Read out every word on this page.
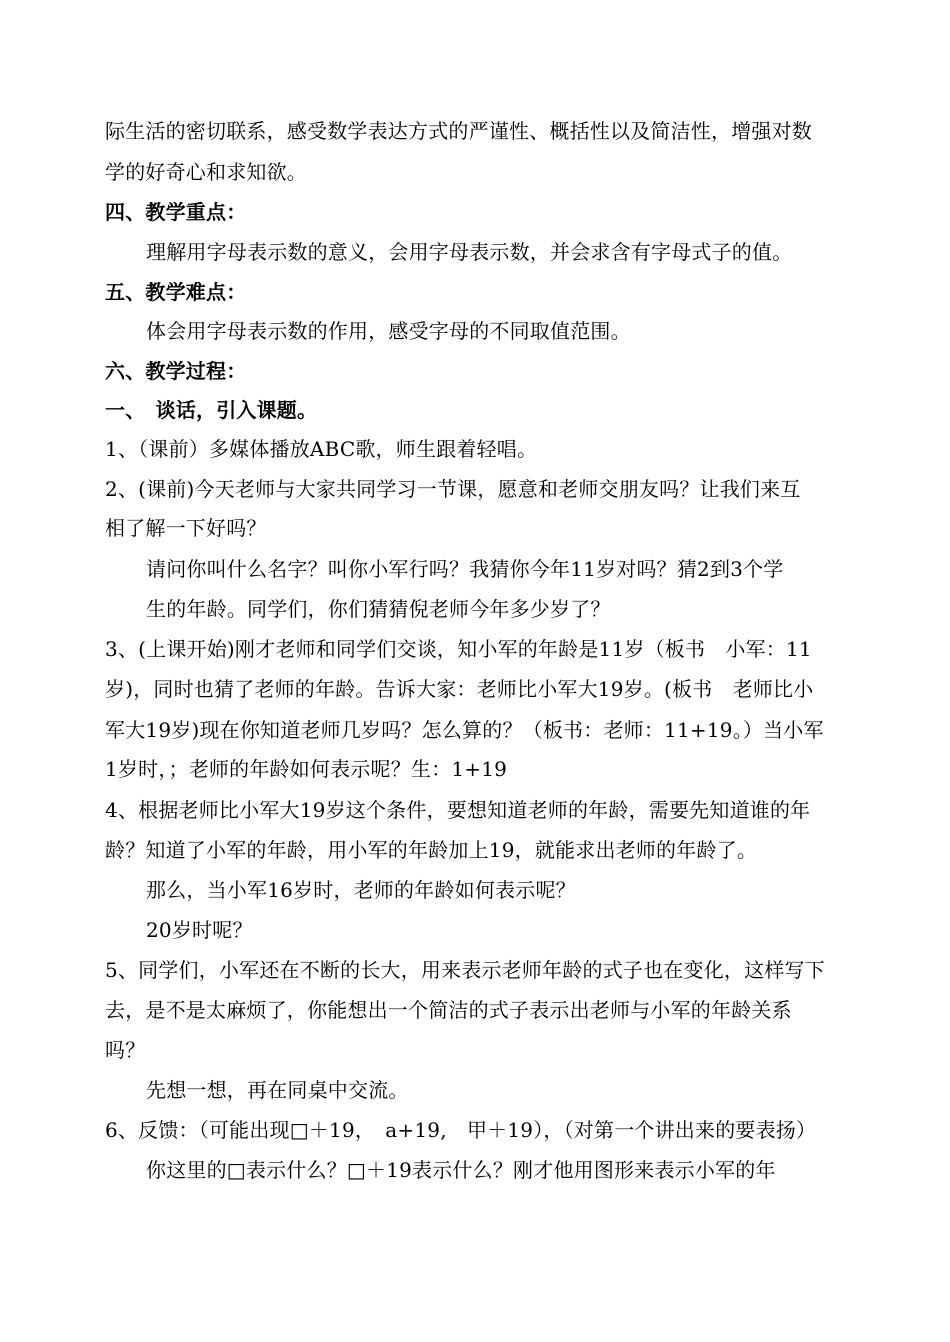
际生活的密切联系，感受数学表达方式的严谨性、概括性以及简洁性，增强对数
学的好奇心和求知欲。
四、教学重点：
理解用字母表示数的意义，会用字母表示数，并会求含有字母式子的值。
五、教学难点：
体会用字母表示数的作用，感受字母的不同取值范围。
六、教学过程：
一、　谈话，引入课题。
1、（课前）多媒体播放ABC歌，师生跟着轻唱。
2、(课前)今天老师与大家共同学习一节课，愿意和老师交朋友吗？让我们来互
相了解一下好吗？
请问你叫什么名字？叫你小军行吗？我猜你今年11岁对吗？猜2到3个学
生的年龄。同学们，你们猜猜倪老师今年多少岁了？
3、(上课开始)刚才老师和同学们交谈，知小军的年龄是11岁（板书　小军：11
岁)，同时也猜了老师的年龄。告诉大家：老师比小军大19岁。(板书　老师比小
军大19岁)现在你知道老师几岁吗？怎么算的？（板书：老师：11+19。）当小军
1岁时，；老师的年龄如何表示呢？生：1+19
4、根据老师比小军大19岁这个条件，要想知道老师的年龄，需要先知道谁的年
龄？知道了小军的年龄，用小军的年龄加上19，就能求出老师的年龄了。
那么，当小军16岁时，老师的年龄如何表示呢？
20岁时呢？
5、同学们，小军还在不断的长大，用来表示老师年龄的式子也在变化，这样写下
去，是不是太麻烦了，你能想出一个简洁的式子表示出老师与小军的年龄关系
吗？
先想一想，再在同桌中交流。
6、反馈：（可能出现□＋19，　a+19,　甲＋19），（对第一个讲出来的要表扬）
你这里的□表示什么？□＋19表示什么？刚才他用图形来表示小军的年
